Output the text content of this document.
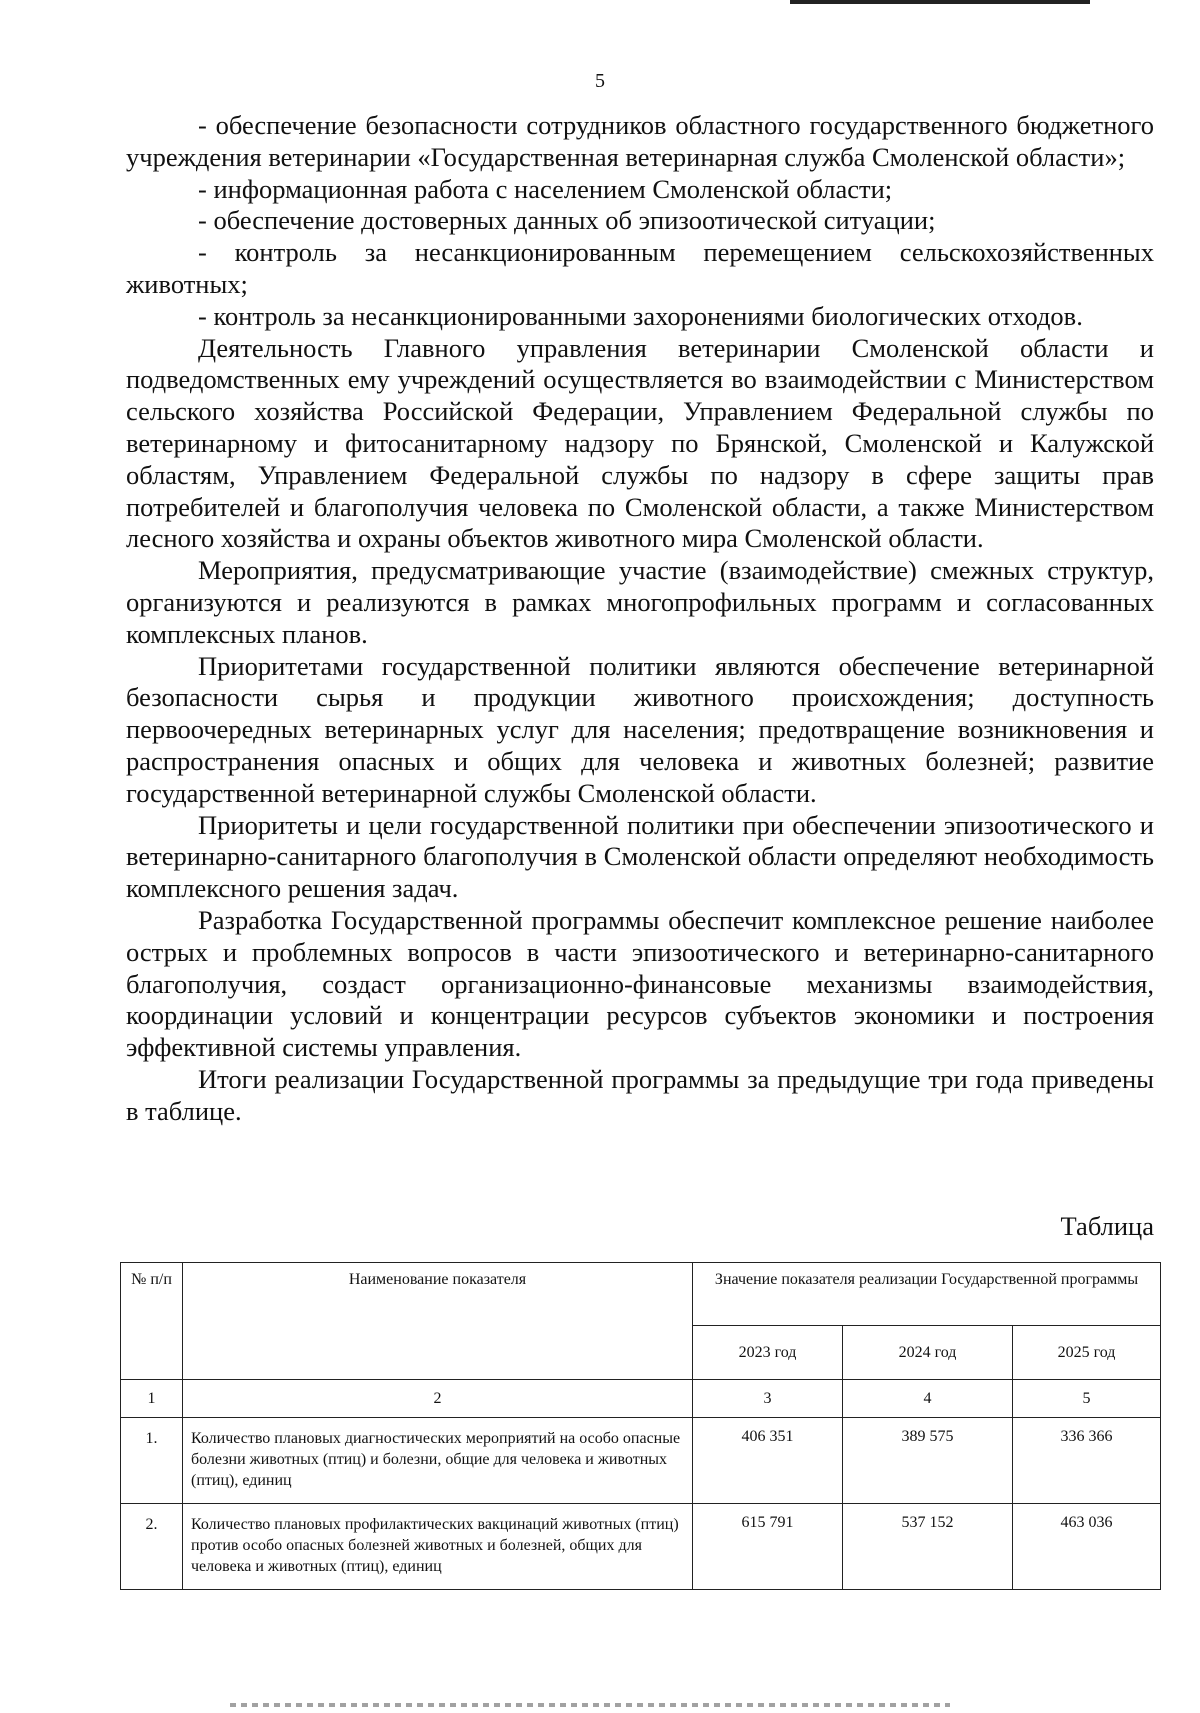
5

- обеспечение безопасности сотрудников областного государственного бюджетного учреждения ветеринарии «Государственная ветеринарная служба Смоленской области»;

- информационная работа с населением Смоленской области;

- обеспечение достоверных данных об эпизоотической ситуации;

- контроль за несанкционированным перемещением сельскохозяйственных животных;

- контроль за несанкционированными захоронениями биологических отходов.

Деятельность Главного управления ветеринарии Смоленской области и подведомственных ему учреждений осуществляется во взаимодействии с Министерством сельского хозяйства Российской Федерации, Управлением Федеральной службы по ветеринарному и фитосанитарному надзору по Брянской, Смоленской и Калужской областям, Управлением Федеральной службы по надзору в сфере защиты прав потребителей и благополучия человека по Смоленской области, а также Министерством лесного хозяйства и охраны объектов животного мира Смоленской области.

Мероприятия, предусматривающие участие (взаимодействие) смежных структур, организуются и реализуются в рамках многопрофильных программ и согласованных комплексных планов.

Приоритетами государственной политики являются обеспечение ветеринарной безопасности сырья и продукции животного происхождения; доступность первоочередных ветеринарных услуг для населения; предотвращение возникновения и распространения опасных и общих для человека и животных болезней; развитие государственной ветеринарной службы Смоленской области.

Приоритеты и цели государственной политики при обеспечении эпизоотического и ветеринарно-санитарного благополучия в Смоленской области определяют необходимость комплексного решения задач.

Разработка Государственной программы обеспечит комплексное решение наиболее острых и проблемных вопросов в части эпизоотического и ветеринарно-санитарного благополучия, создаст организационно-финансовые механизмы взаимодействия, координации условий и концентрации ресурсов субъектов экономики и построения эффективной системы управления.

Итоги реализации Государственной программы за предыдущие три года приведены в таблице.

Таблица
№ п/п	Наименование показателя	Значение показателя реализации Государственной программы		
		2023 год	2024 год	2025 год
1	2	3	4	5
1.	Количество плановых диагностических мероприятий на особо опасные болезни животных (птиц) и болезни, общие для человека и животных (птиц), единиц	406 351	389 575	336 366
2.	Количество плановых профилактических вакцинаций животных (птиц) против особо опасных болезней животных и болезней, общих для человека и животных (птиц), единиц	615 791	537 152	463 036
